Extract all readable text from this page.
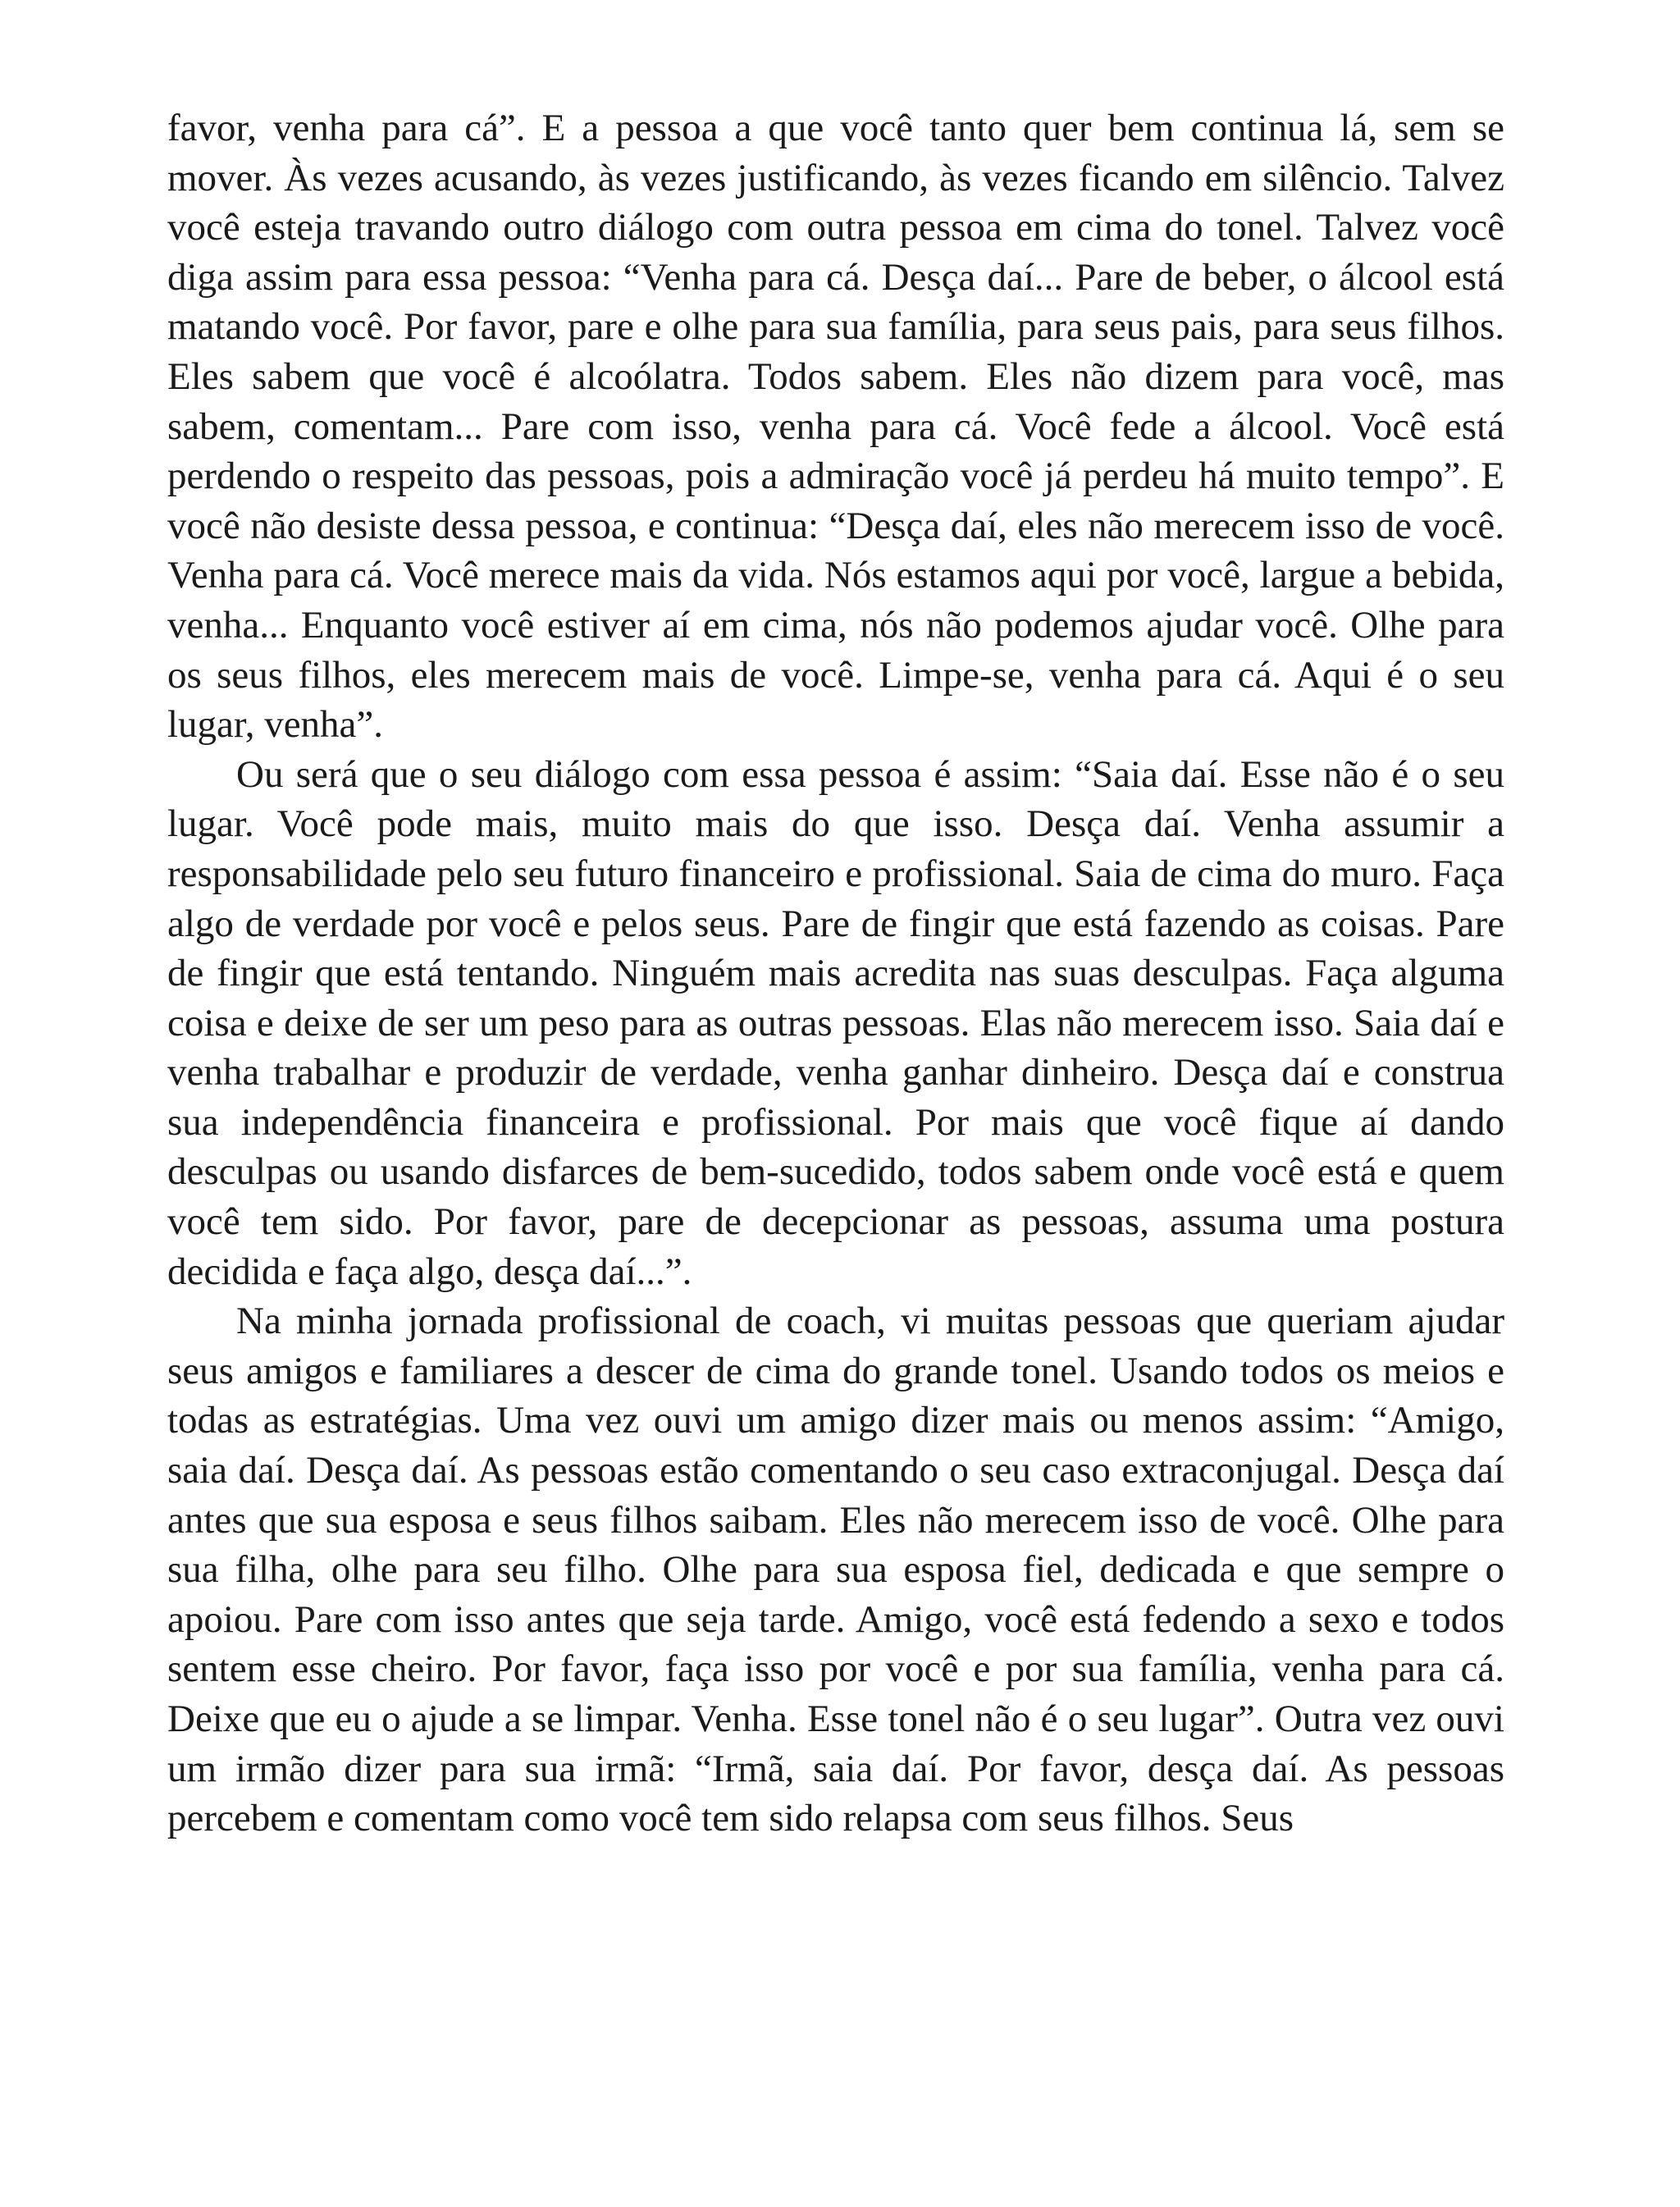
favor, venha para cá”. E a pessoa a que você tanto quer bem continua lá, sem se mover. Às vezes acusando, às vezes justificando, às vezes ficando em silêncio. Talvez você esteja travando outro diálogo com outra pessoa em cima do tonel. Talvez você diga assim para essa pessoa: “Venha para cá. Desça daí... Pare de beber, o álcool está matando você. Por favor, pare e olhe para sua família, para seus pais, para seus filhos. Eles sabem que você é alcoólatra. Todos sabem. Eles não dizem para você, mas sabem, comentam... Pare com isso, venha para cá. Você fede a álcool. Você está perdendo o respeito das pessoas, pois a admiração você já perdeu há muito tempo”. E você não desiste dessa pessoa, e continua: “Desça daí, eles não merecem isso de você. Venha para cá. Você merece mais da vida. Nós estamos aqui por você, largue a bebida, venha... Enquanto você estiver aí em cima, nós não podemos ajudar você. Olhe para os seus filhos, eles merecem mais de você. Limpe-se, venha para cá. Aqui é o seu lugar, venha”.

Ou será que o seu diálogo com essa pessoa é assim: “Saia daí. Esse não é o seu lugar. Você pode mais, muito mais do que isso. Desça daí. Venha assumir a responsabilidade pelo seu futuro financeiro e profissional. Saia de cima do muro. Faça algo de verdade por você e pelos seus. Pare de fingir que está fazendo as coisas. Pare de fingir que está tentando. Ninguém mais acredita nas suas desculpas. Faça alguma coisa e deixe de ser um peso para as outras pessoas. Elas não merecem isso. Saia daí e venha trabalhar e produzir de verdade, venha ganhar dinheiro. Desça daí e construa sua independência financeira e profissional. Por mais que você fique aí dando desculpas ou usando disfarces de bem-sucedido, todos sabem onde você está e quem você tem sido. Por favor, pare de decepcionar as pessoas, assuma uma postura decidida e faça algo, desça daí...”.

Na minha jornada profissional de coach, vi muitas pessoas que queriam ajudar seus amigos e familiares a descer de cima do grande tonel. Usando todos os meios e todas as estratégias. Uma vez ouvi um amigo dizer mais ou menos assim: “Amigo, saia daí. Desça daí. As pessoas estão comentando o seu caso extraconjugal. Desça daí antes que sua esposa e seus filhos saibam. Eles não merecem isso de você. Olhe para sua filha, olhe para seu filho. Olhe para sua esposa fiel, dedicada e que sempre o apoiou. Pare com isso antes que seja tarde. Amigo, você está fedendo a sexo e todos sentem esse cheiro. Por favor, faça isso por você e por sua família, venha para cá. Deixe que eu o ajude a se limpar. Venha. Esse tonel não é o seu lugar”. Outra vez ouvi um irmão dizer para sua irmã: “Irmã, saia daí. Por favor, desça daí. As pessoas percebem e comentam como você tem sido relapsa com seus filhos. Seus
